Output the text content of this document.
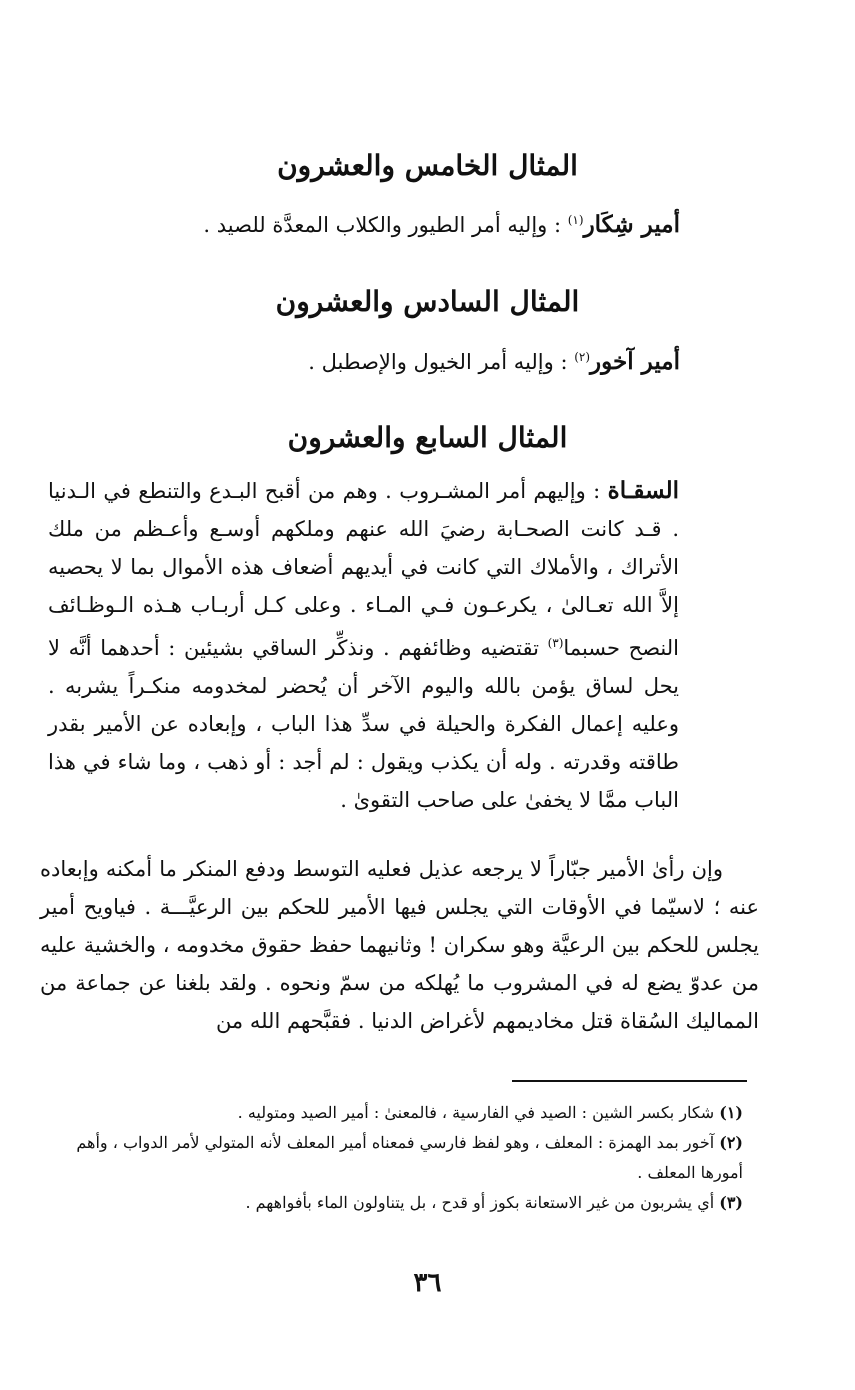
المثال الخامس والعشرون
أمير شِكَار$^{(١)}$ : وإليه أمر الطيور والكلاب المعدَّة للصيد .
المثال السادس والعشرون
أمير آخور$^{(٢)}$ : وإليه أمر الخيول والإصطبل .
المثال السابع والعشرون
السقـاة : وإليهم أمر المشـروب . وهم من أقبح البـدع والتنطع في الـدنيا . قـد كانت الصحـابة رضيَ الله عنهم وملكهم أوسـع وأعـظم من ملك الأتراك ، والأملاك التي كانت في أيديهم أضعاف هذه الأموال بما لا يحصيه إلاَّ الله تعـالىٰ ، يكرعـون فـي المـاء . وعلى كـل أربـاب هـذه الـوظـائف النصح حسبما$^{(٣)}$ تقتضيه وظائفهم . ونذكِّر الساقي بشيئين : أحدهما أنَّه لا يحل لساق يؤمن بالله واليوم الآخر أن يُحضر لمخدومه منكـراً يشربه . وعليه إعمال الفكرة والحيلة في سدِّ هذا الباب ، وإبعاده عن الأمير بقدر طاقته وقدرته . وله أن يكذب ويقول : لم أجد : أو ذهب ، وما شاء في هذا الباب ممَّا لا يخفىٰ على صاحب التقوىٰ .
وإن رأىٰ الأمير جبّاراً لا يرجعه عذيل فعليه التوسط ودفع المنكر ما أمكنه وإبعاده عنه ؛ لاسيّما في الأوقات التي يجلس فيها الأمير للحكم بين الرعيَّـــة . فياويح أمير يجلس للحكم بين الرعيَّة وهو سكران ! وثانيهما حفظ حقوق مخدومه ، والخشية عليه من عدوّ يضع له في المشروب ما يُهلكه من سمّ ونحوه . ولقد بلغنا عن جماعة من المماليك السُقاة قتل مخاديمهم لأغراض الدنيا . فقبَّحهم الله من

(١) شكار بكسر الشين : الصيد في الفارسية ، فالمعنىٰ : أمير الصيد ومتوليه .

(٢) آخور بمد الهمزة : المعلف ، وهو لفظ فارسي فمعناه أمير المعلف لأنه المتولي لأمر الدواب ، وأهم أمورها المعلف .

(٣) أي يشربون من غير الاستعانة بكوز أو قدح ، بل يتناولون الماء بأفواههم .

٣٦
